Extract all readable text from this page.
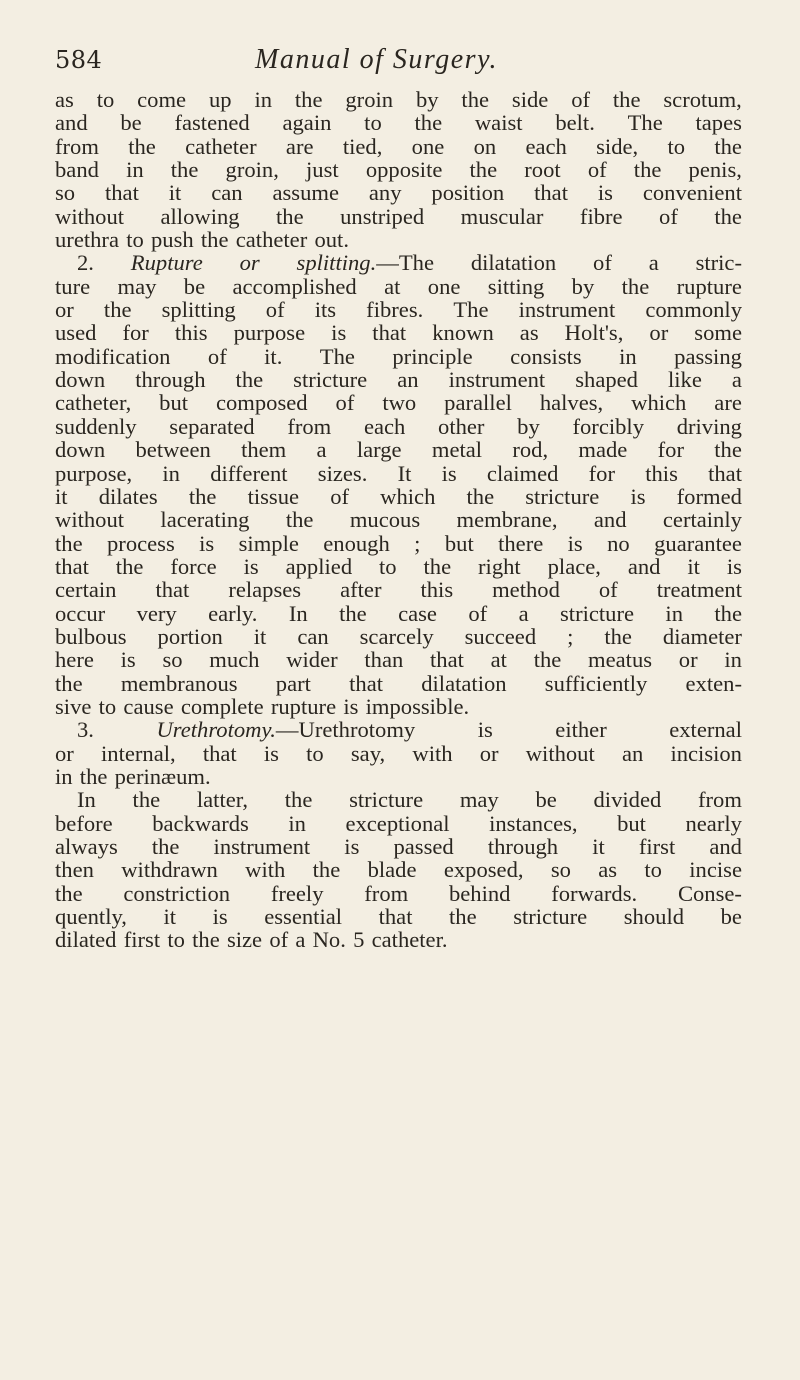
584	Manual of Surgery.
as to come up in the groin by the side of the scrotum,
and be fastened again to the waist belt. The tapes
from the catheter are tied, one on each side, to the
band in the groin, just opposite the root of the penis,
so that it can assume any position that is convenient
without allowing the unstriped muscular fibre of the
urethra to push the catheter out.
2. Rupture or splitting.—The dilatation of a stric-
ture may be accomplished at one sitting by the rupture
or the splitting of its fibres. The instrument commonly
used for this purpose is that known as Holt's, or some
modification of it. The principle consists in passing
down through the stricture an instrument shaped like a
catheter, but composed of two parallel halves, which are
suddenly separated from each other by forcibly driving
down between them a large metal rod, made for the
purpose, in different sizes. It is claimed for this that
it dilates the tissue of which the stricture is formed
without lacerating the mucous membrane, and certainly
the process is simple enough ; but there is no guarantee
that the force is applied to the right place, and it is
certain that relapses after this method of treatment
occur very early. In the case of a stricture in the
bulbous portion it can scarcely succeed ; the diameter
here is so much wider than that at the meatus or in
the membranous part that dilatation sufficiently exten-
sive to cause complete rupture is impossible.
3.	Urethrotomy.—Urethrotomy	is	either	external
or internal, that is to say, with or without an incision
in the perinæum.
In the latter, the stricture may be divided from
before backwards in exceptional instances, but nearly
always the instrument is passed through it first and
then withdrawn with the blade exposed, so as to incise
the constriction freely from behind forwards. Conse-
quently, it is essential that the stricture should be
dilated first to the size of a No. 5 catheter.
